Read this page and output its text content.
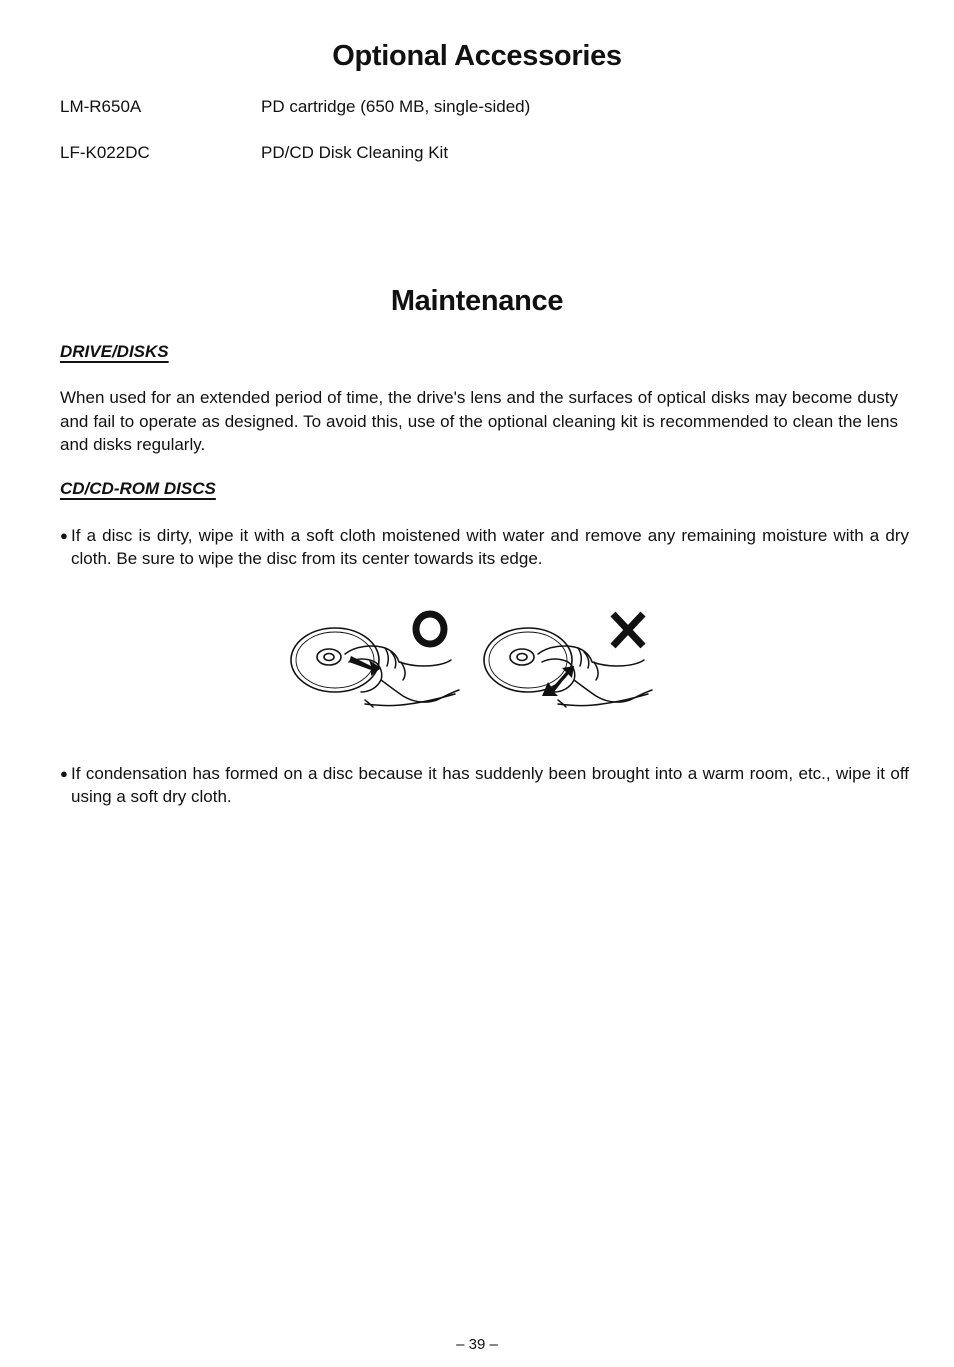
Optional Accessories
LM-R650A	PD cartridge (650 MB, single-sided)
LF-K022DC	PD/CD Disk Cleaning Kit
Maintenance
DRIVE/DISKS

When used for an extended period of time, the drive's lens and the surfaces of optical disks may become dusty and fail to operate as designed. To avoid this, use of the optional cleaning kit is recommended to clean the lens and disks regularly.

CD/CD-ROM DISCS

● If a disc is dirty, wipe it with a soft cloth moistened with water and remove any remaining moisture with a dry cloth. Be sure to wipe the disc from its center towards its edge.

● If condensation has formed on a disc because it has suddenly been brought into a warm room, etc., wipe it off using a soft dry cloth.

– 39 –
